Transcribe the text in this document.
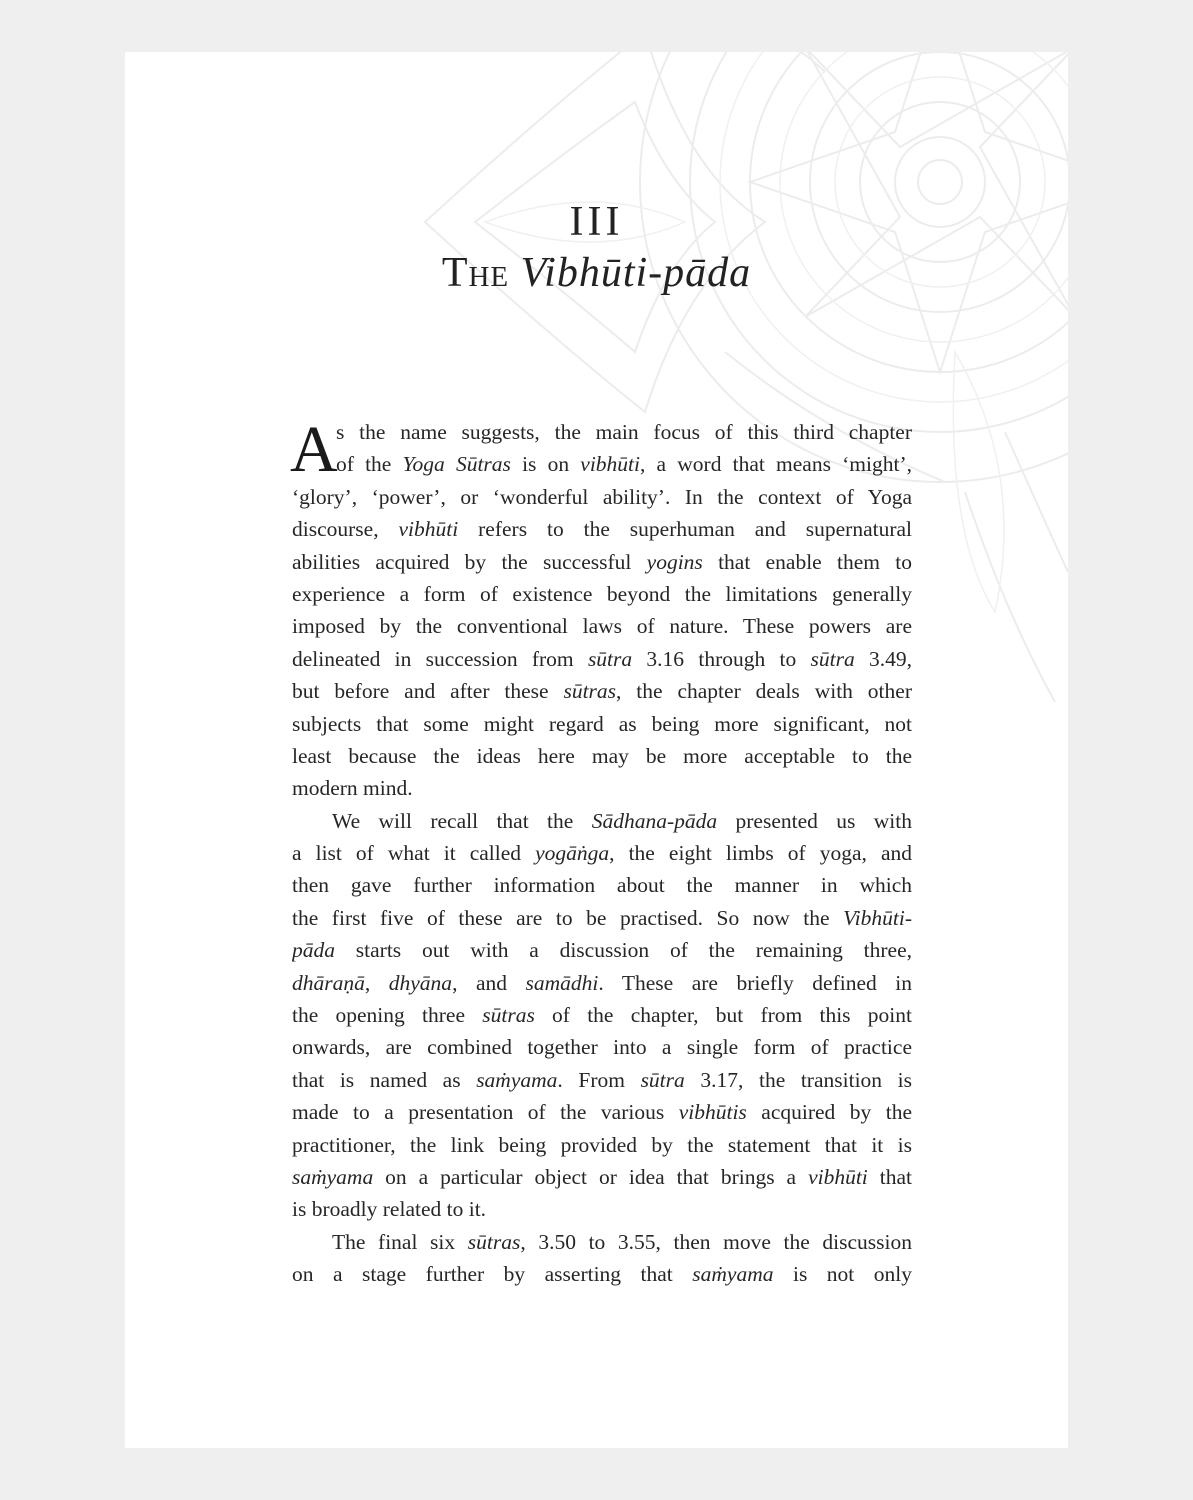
III
The Vibhūti-pāda
A
s the name suggests, the main focus of this third chapter
of the Yoga Sūtras is on vibhūti, a word that means ‘might’,
‘glory’, ‘power’, or ‘wonderful ability’. In the context of Yoga
discourse, vibhūti refers to the superhuman and supernatural
abilities acquired by the successful yogins that enable them to
experience a form of existence beyond the limitations generally
imposed by the conventional laws of nature. These powers are
delineated in succession from sūtra 3.16 through to sūtra 3.49,
but before and after these sūtras, the chapter deals with other
subjects that some might regard as being more significant, not
least because the ideas here may be more acceptable to the
modern mind.
We will recall that the Sādhana-pāda presented us with
a list of what it called yogāṅga, the eight limbs of yoga, and
then gave further information about the manner in which
the first five of these are to be practised. So now the Vibhūti-
pāda starts out with a discussion of the remaining three,
dhāraṇā, dhyāna, and samādhi. These are briefly defined in
the opening three sūtras of the chapter, but from this point
onwards, are combined together into a single form of practice
that is named as saṁyama. From sūtra 3.17, the transition is
made to a presentation of the various vibhūtis acquired by the
practitioner, the link being provided by the statement that it is
saṁyama on a particular object or idea that brings a vibhūti that
is broadly related to it.
The final six sūtras, 3.50 to 3.55, then move the discussion
on a stage further by asserting that saṁyama is not only
